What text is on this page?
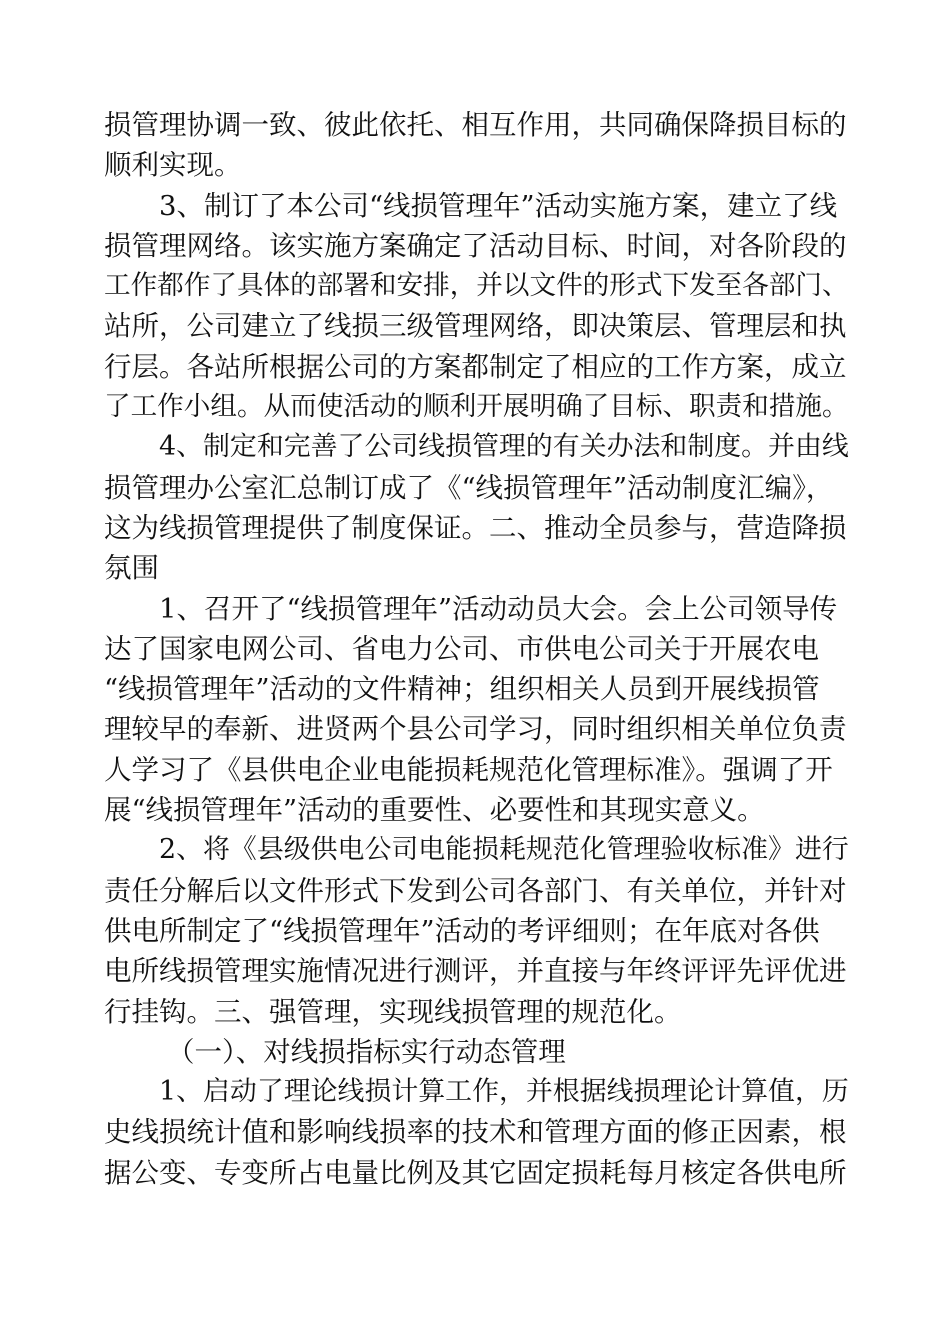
损管理协调一致、彼此依托、相互作用，共同确保降损目标的
顺利实现。
3、制订了本公司“线损管理年”活动实施方案，建立了线
损管理网络。该实施方案确定了活动目标、时间，对各阶段的
工作都作了具体的部署和安排，并以文件的形式下发至各部门、
站所，公司建立了线损三级管理网络，即决策层、管理层和执
行层。各站所根据公司的方案都制定了相应的工作方案，成立
了工作小组。从而使活动的顺利开展明确了目标、职责和措施。
4、制定和完善了公司线损管理的有关办法和制度。并由线
损管理办公室汇总制订成了《“线损管理年”活动制度汇编》，
这为线损管理提供了制度保证。二、推动全员参与，营造降损
氛围
1、召开了“线损管理年”活动动员大会。会上公司领导传
达了国家电网公司、省电力公司、市供电公司关于开展农电
“线损管理年”活动的文件精神；组织相关人员到开展线损管
理较早的奉新、进贤两个县公司学习，同时组织相关单位负责
人学习了《县供电企业电能损耗规范化管理标准》。强调了开
展“线损管理年”活动的重要性、必要性和其现实意义。
2、将《县级供电公司电能损耗规范化管理验收标准》进行
责任分解后以文件形式下发到公司各部门、有关单位，并针对
供电所制定了“线损管理年”活动的考评细则；在年底对各供
电所线损管理实施情况进行测评，并直接与年终评评先评优进
行挂钩。三、强管理，实现线损管理的规范化。
（一）、对线损指标实行动态管理
1、启动了理论线损计算工作，并根据线损理论计算值，历
史线损统计值和影响线损率的技术和管理方面的修正因素，根
据公变、专变所占电量比例及其它固定损耗每月核定各供电所
